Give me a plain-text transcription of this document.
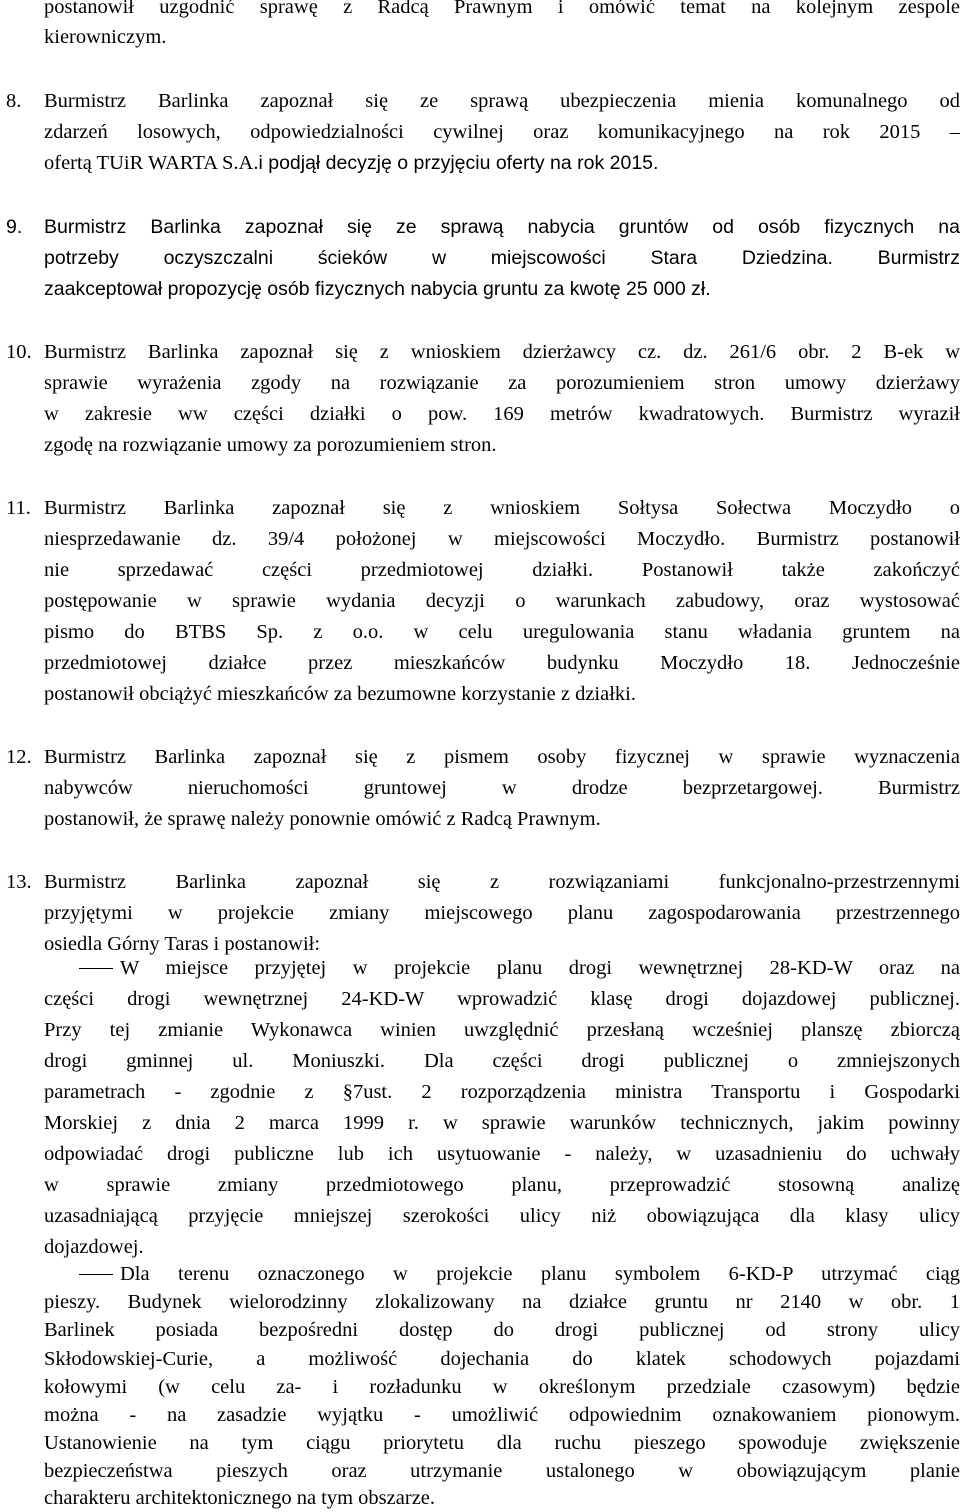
postanowił uzgodnić sprawę z Radcą Prawnym i omówić temat na kolejnym zespole
kierowniczym.
8. Burmistrz Barlinka zapoznał się ze sprawą ubezpieczenia mienia komunalnego od
zdarzeń losowych, odpowiedzialności cywilnej oraz komunikacyjnego na rok 2015 –
ofertą TUiR WARTA S.A.i podjął decyzję o przyjęciu oferty na rok 2015.
9. Burmistrz Barlinka zapoznał się ze sprawą nabycia gruntów od osób fizycznych na
potrzeby oczyszczalni ścieków w miejscowości Stara Dziedzina. Burmistrz
zaakceptował propozycję osób fizycznych nabycia gruntu za kwotę 25 000 zł.
10. Burmistrz Barlinka zapoznał się z wnioskiem dzierżawcy cz. dz. 261/6 obr. 2 B-ek w
sprawie wyrażenia zgody na rozwiązanie za porozumieniem stron umowy dzierżawy
w zakresie ww części działki o pow. 169 metrów kwadratowych. Burmistrz wyraził
zgodę na rozwiązanie umowy za porozumieniem stron.
11. Burmistrz Barlinka zapoznał się z wnioskiem Sołtysa Sołectwa Moczydło o
niesprzedawanie dz. 39/4 położonej w miejscowości Moczydło. Burmistrz postanowił
nie sprzedawać części przedmiotowej działki. Postanowił także zakończyć
postępowanie w sprawie wydania decyzji o warunkach zabudowy, oraz wystosować
pismo do BTBS Sp. z o.o. w celu uregulowania stanu władania gruntem na
przedmiotowej działce przez mieszkańców budynku Moczydło 18. Jednocześnie
postanowił obciążyć mieszkańców za bezumowne korzystanie z działki.
12. Burmistrz Barlinka zapoznał się z pismem osoby fizycznej w sprawie wyznaczenia
nabywców nieruchomości gruntowej w drodze bezprzetargowej. Burmistrz
postanowił, że sprawę należy ponownie omówić z Radcą Prawnym.
13. Burmistrz Barlinka zapoznał się z rozwiązaniami funkcjonalno-przestrzennymi
przyjętymi w projekcie zmiany miejscowego planu zagospodarowania przestrzennego
osiedla Górny Taras i postanowił:
W miejsce przyjętej w projekcie planu drogi wewnętrznej 28-KD-W oraz na
części drogi wewnętrznej 24-KD-W wprowadzić klasę drogi dojazdowej publicznej.
Przy tej zmianie Wykonawca winien uwzględnić przesłaną wcześniej planszę zbiorczą
drogi gminnej ul. Moniuszki. Dla części drogi publicznej o zmniejszonych
parametrach - zgodnie z §7ust. 2 rozporządzenia ministra Transportu i Gospodarki
Morskiej z dnia 2 marca 1999 r. w sprawie warunków technicznych, jakim powinny
odpowiadać drogi publiczne lub ich usytuowanie - należy, w uzasadnieniu do uchwały
w sprawie zmiany przedmiotowego planu, przeprowadzić stosowną analizę
uzasadniającą przyjęcie mniejszej szerokości ulicy niż obowiązująca dla klasy ulicy
dojazdowej.
Dla terenu oznaczonego w projekcie planu symbolem 6-KD-P utrzymać ciąg
pieszy. Budynek wielorodzinny zlokalizowany na działce gruntu nr 2140 w obr. 1
Barlinek posiada bezpośredni dostęp do drogi publicznej od strony ulicy
Skłodowskiej-Curie, a możliwość dojechania do klatek schodowych pojazdami
kołowymi (w celu za- i rozładunku w określonym przedziale czasowym) będzie
można - na zasadzie wyjątku - umożliwić odpowiednim oznakowaniem pionowym.
Ustanowienie na tym ciągu priorytetu dla ruchu pieszego spowoduje zwiększenie
bezpieczeństwa pieszych oraz utrzymanie ustalonego w obowiązującym planie
charakteru architektonicznego na tym obszarze.
